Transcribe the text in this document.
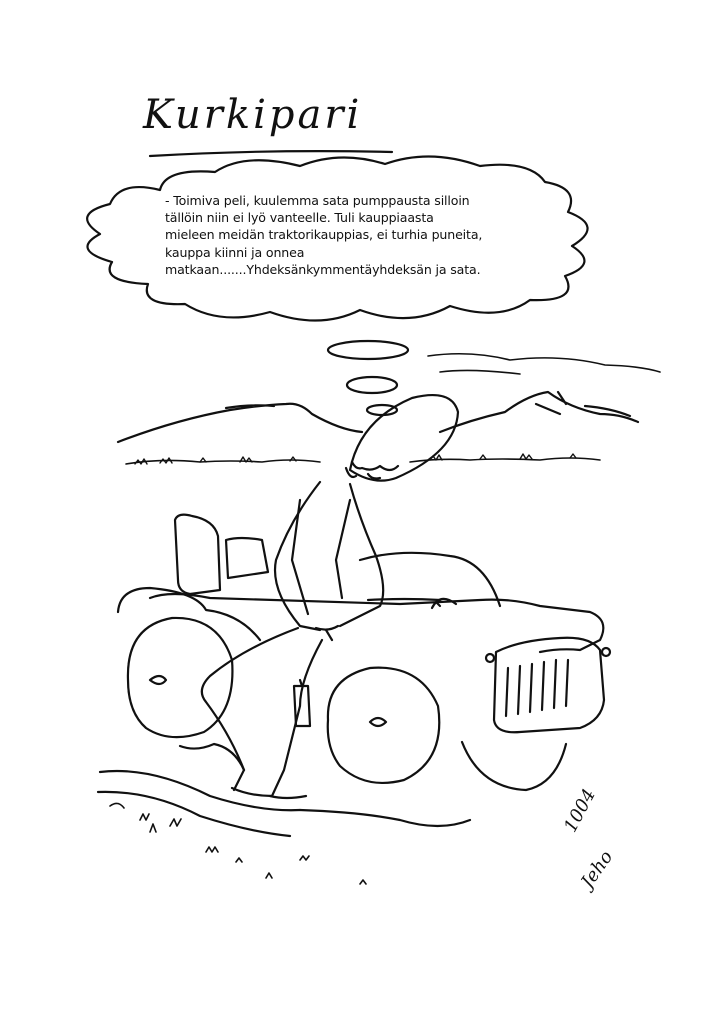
Kurkipari
- Toimiva peli, kuulemma sata pumppausta silloin
tällöin niin ei lyö vanteelle. Tuli kauppiaasta
mieleen meidän traktorikauppias, ei turhia puneita,
kauppa kiinni ja onnea
matkaan.......Yhdeksänkymmentäyhdeksän ja sata.
1004
Jeho
